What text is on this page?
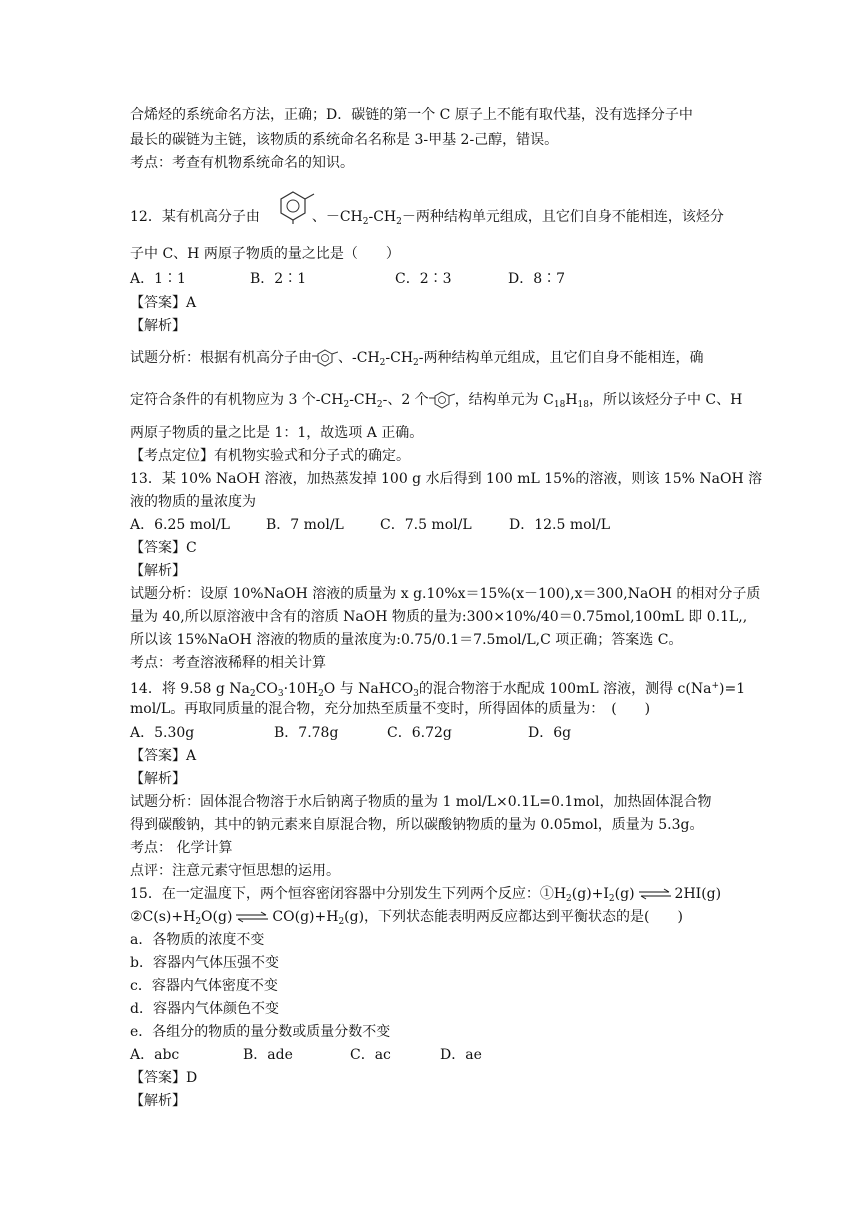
合烯烃的系统命名方法，正确；D．碳链的第一个 C 原子上不能有取代基，没有选择分子中
最长的碳链为主链，该物质的系统命名名称是 3-甲基 2-己醇，错误。
考点：考查有机物系统命名的知识。
12．某有机高分子由	、$-CH_2-CH_2-$两种结构单元组成，且它们自身不能相连，该烃分
子中 C、H 两原子物质的量之比是（　　）
A．1∶1	B．2∶1	C．2∶3	D．8∶7
【答案】A
【解析】
试题分析：根据有机高分子由 、$-CH_2-CH_2-$两种结构单元组成，且它们自身不能相连，确
定符合条件的有机物应为 3 个$-CH_2-CH_2-$、2 个 ，结构单元为 $C_{18}H_{18}$，所以该烃分子中 C、H
两原子物质的量之比是 1：1，故选项 A 正确。
【考点定位】有机物实验式和分子式的确定。
13．某 10% NaOH 溶液，加热蒸发掉 100 g 水后得到 100 mL 15%的溶液，则该 15% NaOH 溶
液的物质的量浓度为
A．6.25 mol/L	B．7 mol/L	C．7.5 mol/L	D．12.5 mol/L
【答案】C
【解析】
试题分析：设原 10%NaOH 溶液的质量为 x g.10%x＝15%(x－100),x＝300,NaOH 的相对分子质
量为 40,所以原溶液中含有的溶质 NaOH 物质的量为:300×10%/40＝0.75mol,100mL 即 0.1L,,
所以该 15%NaOH 溶液的物质的量浓度为:0.75/0.1＝7.5mol/L,C 项正确；答案选 C。
考点：考查溶液稀释的相关计算
14．将 9.58 g $Na_2CO_3\cdot 10H_2O$ 与 NaHCO$_3$的混合物溶于水配成 100mL 溶液，测得 c(Na+)=1
mol/L。再取同质量的混合物，充分加热至质量不变时，所得固体的质量为：　(　　)
A．5.30g	B．7.78g	C．6.72g	D．6g
【答案】A
【解析】
试题分析：固体混合物溶于水后钠离子物质的量为 1 mol/L×0.1L=0.1mol，加热固体混合物
得到碳酸钠，其中的钠元素来自原混合物，所以碳酸钠物质的量为 0.05mol，质量为 5.3g。
考点： 化学计算
点评：注意元素守恒思想的运用。
15．在一定温度下，两个恒容密闭容器中分别发生下列两个反应：$①H_2(g)+I_2(g)$ ⇌ 2HI(g)
$②C(s)+H_2O(g)$ ⇌ $CO(g)+H_2(g)$，下列状态能表明两反应都达到平衡状态的是(　　)
a．各物质的浓度不变
b．容器内气体压强不变
c．容器内气体密度不变
d．容器内气体颜色不变
e．各组分的物质的量分数或质量分数不变
A．abc	B．ade	C．ac	D．ae
【答案】D
【解析】
